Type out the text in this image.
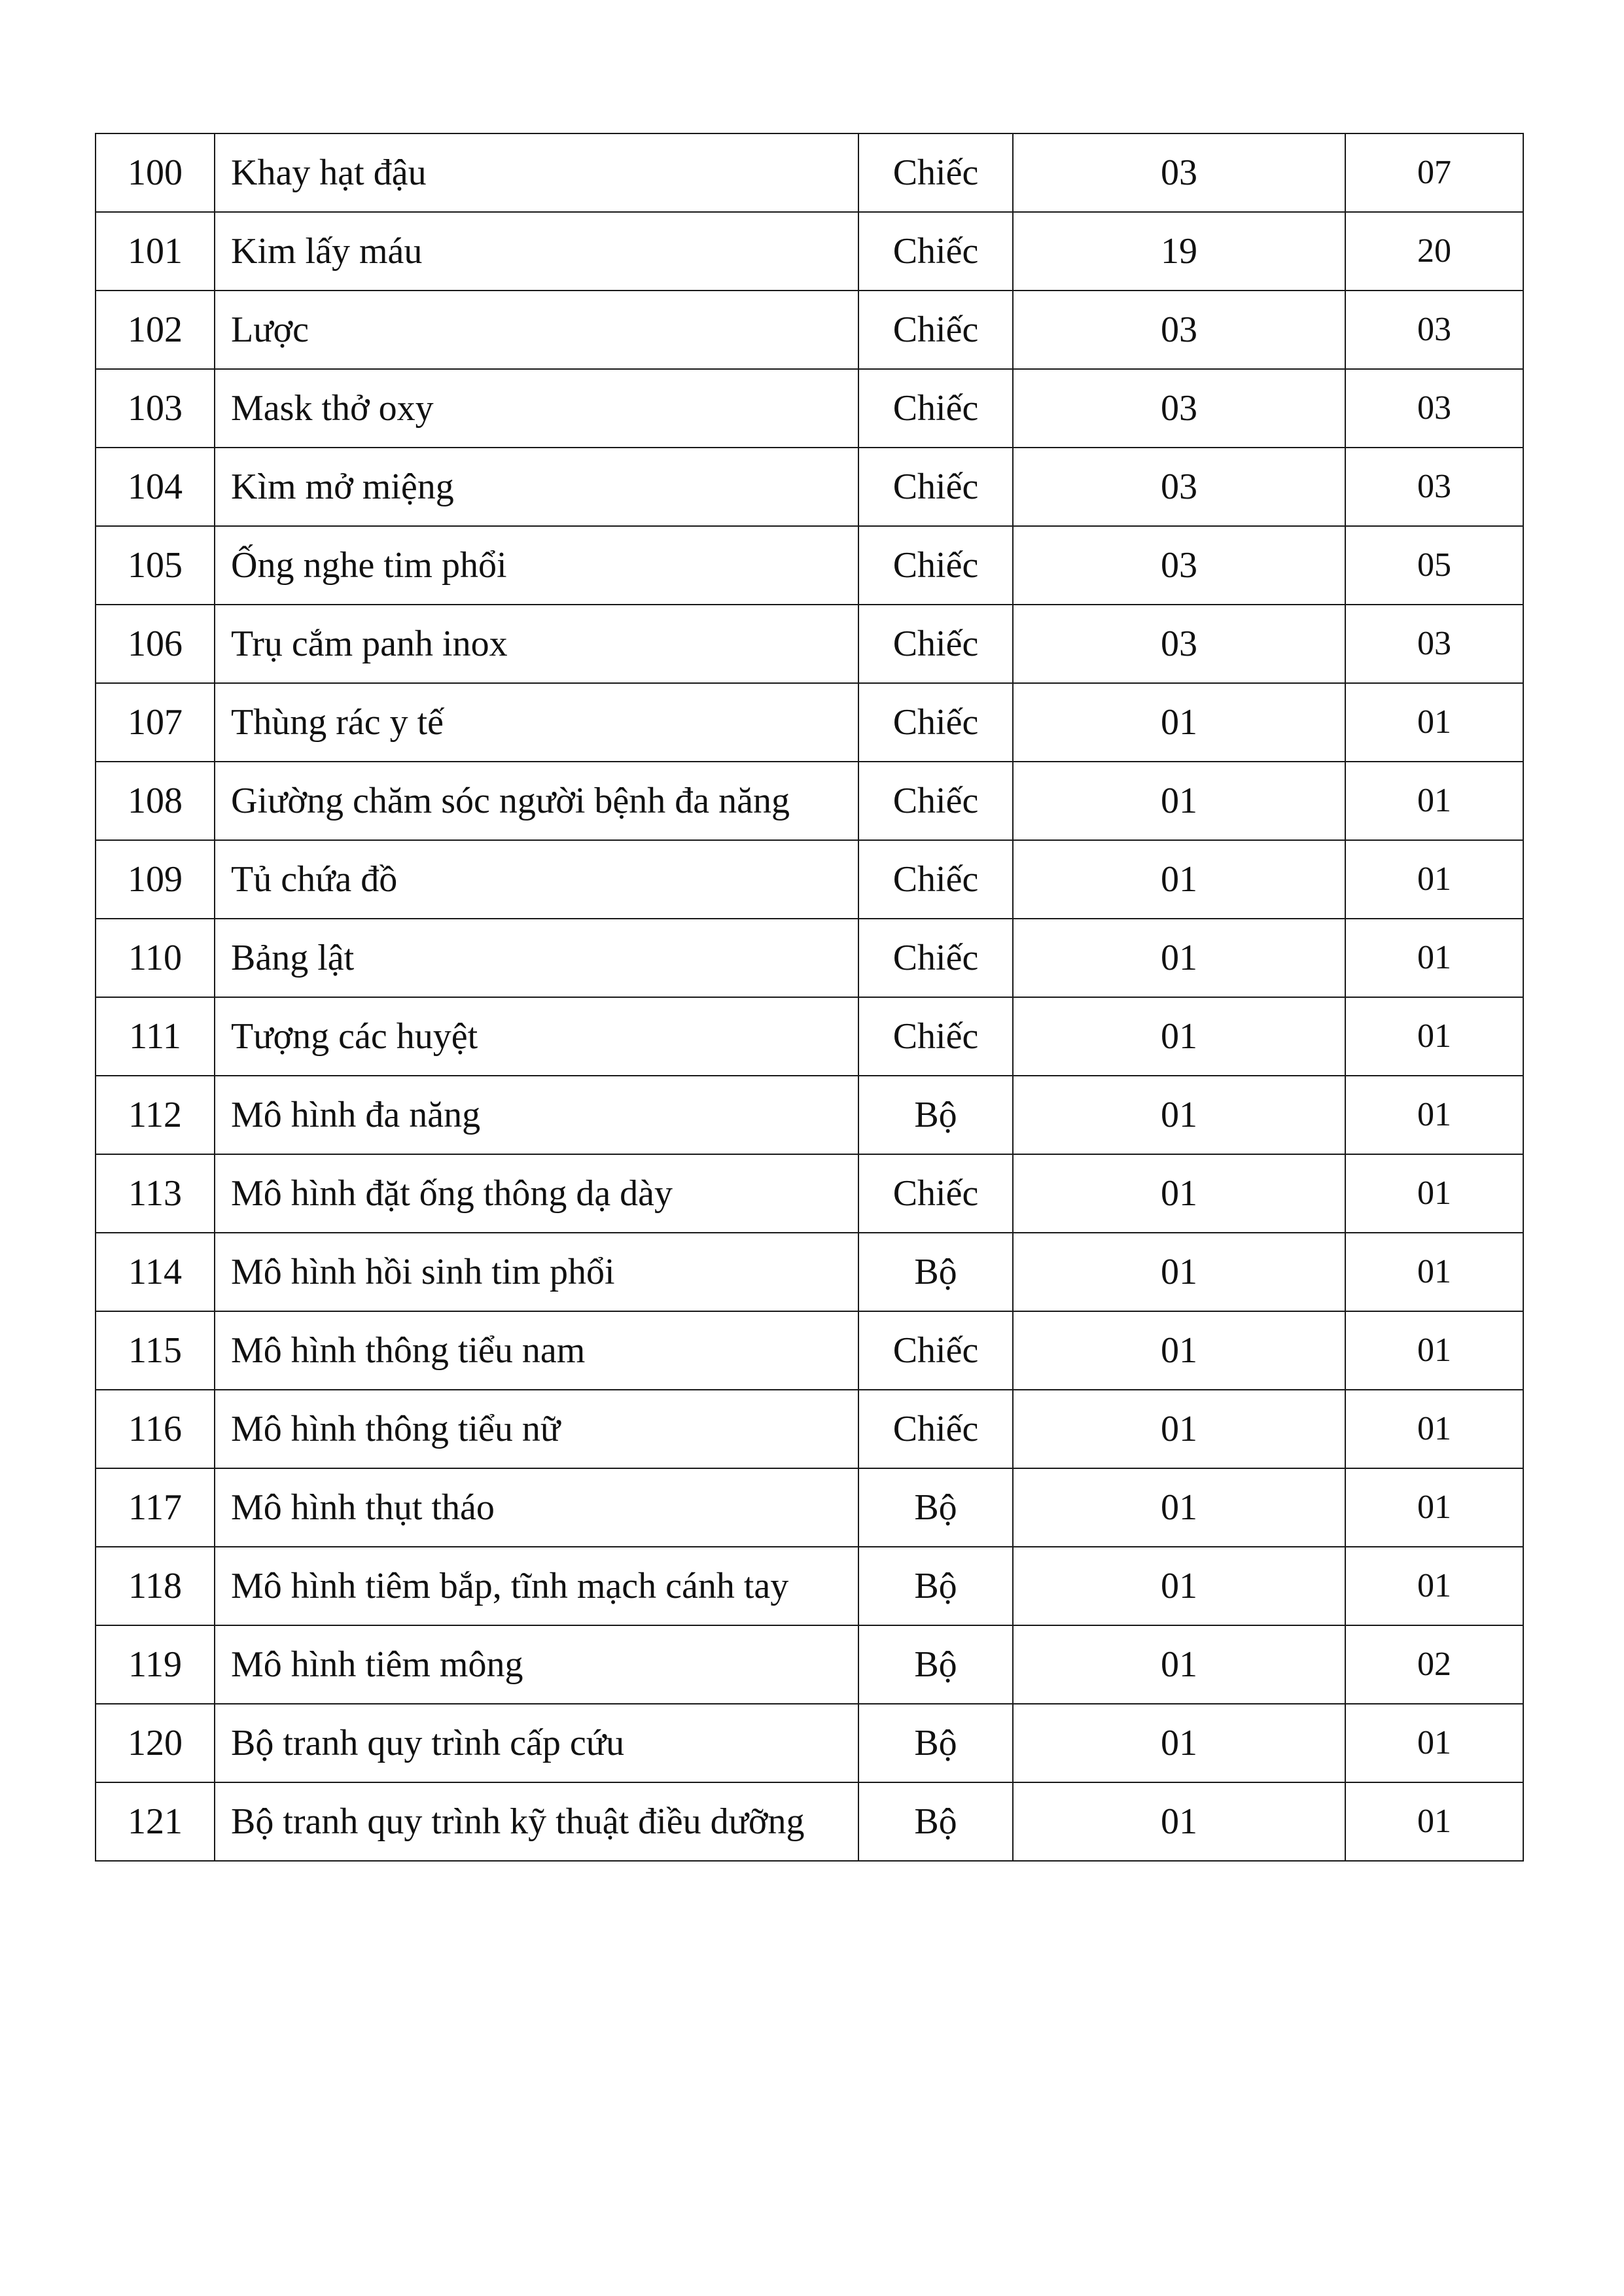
100	Khay hạt đậu	Chiếc	03	07
101	Kim lấy máu	Chiếc	19	20
102	Lược	Chiếc	03	03
103	Mask thở oxy	Chiếc	03	03
104	Kìm mở miệng	Chiếc	03	03
105	Ống nghe tim phổi	Chiếc	03	05
106	Trụ cắm panh inox	Chiếc	03	03
107	Thùng rác y tế	Chiếc	01	01
108	Giường chăm sóc người bệnh đa năng	Chiếc	01	01
109	Tủ chứa đồ	Chiếc	01	01
110	Bảng lật	Chiếc	01	01
111	Tượng các huyệt	Chiếc	01	01
112	Mô hình đa năng	Bộ	01	01
113	Mô hình đặt ống thông dạ dày	Chiếc	01	01
114	Mô hình hồi sinh tim phổi	Bộ	01	01
115	Mô hình thông tiểu nam	Chiếc	01	01
116	Mô hình thông tiểu nữ	Chiếc	01	01
117	Mô hình thụt tháo	Bộ	01	01
118	Mô hình tiêm bắp, tĩnh mạch cánh tay	Bộ	01	01
119	Mô hình tiêm mông	Bộ	01	02
120	Bộ tranh quy trình cấp cứu	Bộ	01	01
121	Bộ tranh quy trình kỹ thuật điều dưỡng	Bộ	01	01
